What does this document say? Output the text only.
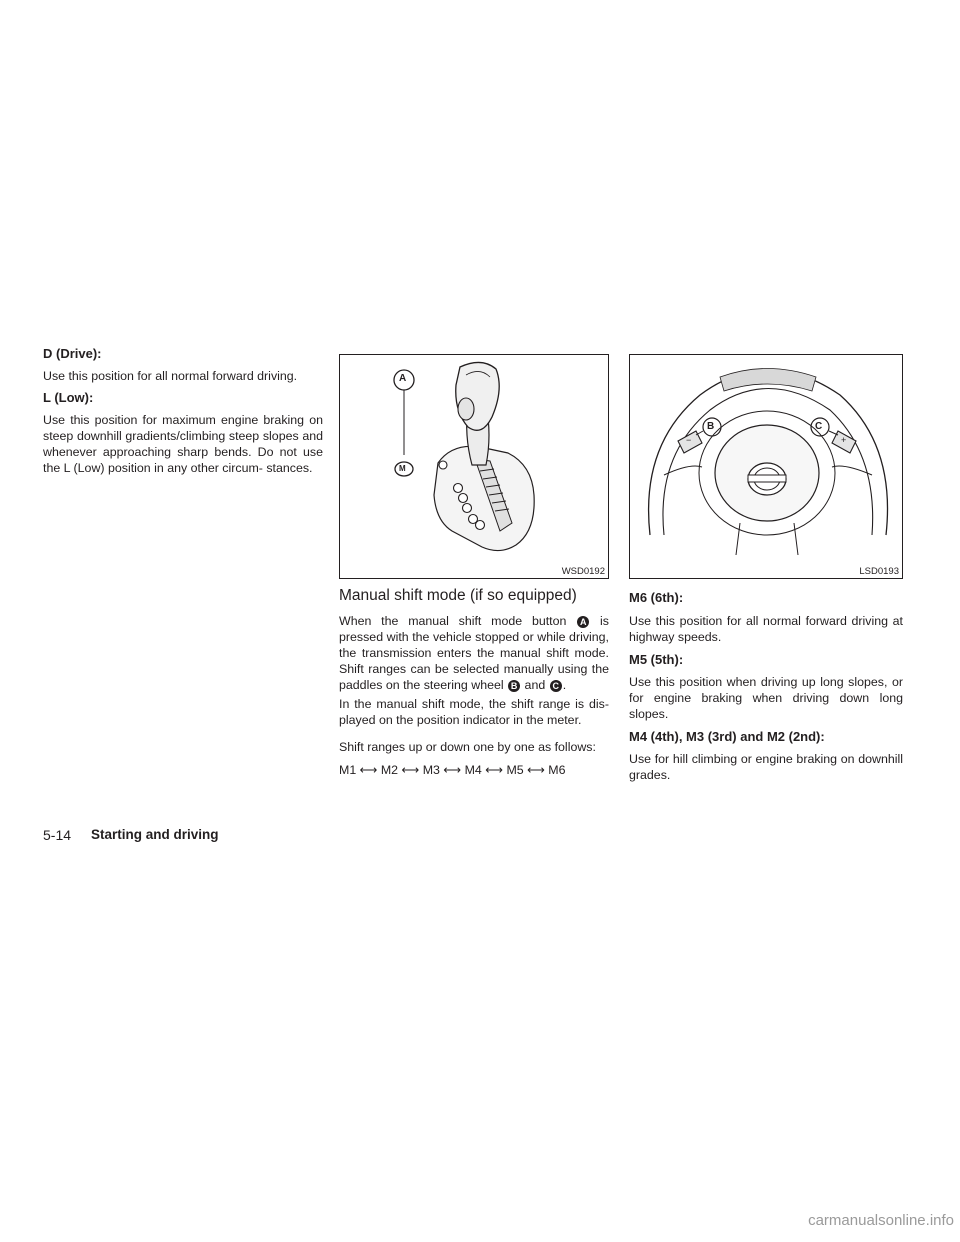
D (Drive):
Use this position for all normal forward driving.
L (Low):
Use this position for maximum engine braking on steep downhill gradients/climbing steep slopes and whenever approaching sharp bends. Do not use the L (Low) position in any other circum- stances.
A
M
WSD0192
B	C
−	+
LSD0193
Manual shift mode (if so equipped)
When the manual shift mode button A is pressed with the vehicle stopped or while driving, the transmission enters the manual shift mode. Shift ranges can be selected manually using the paddles on the steering wheel B and C .
In the manual shift mode, the shift range is dis- played on the position indicator in the meter.
Shift ranges up or down one by one as follows:
M1 ⟷ M2 ⟷ M3 ⟷ M4 ⟷ M5 ⟷ M6
M6 (6th):
Use this position for all normal forward driving at highway speeds.
M5 (5th):
Use this position when driving up long slopes, or for engine braking when driving down long slopes.
M4 (4th), M3 (3rd) and M2 (2nd):
Use for hill climbing or engine braking on downhill grades.
5-14 Starting and driving
carmanualsonline.info
